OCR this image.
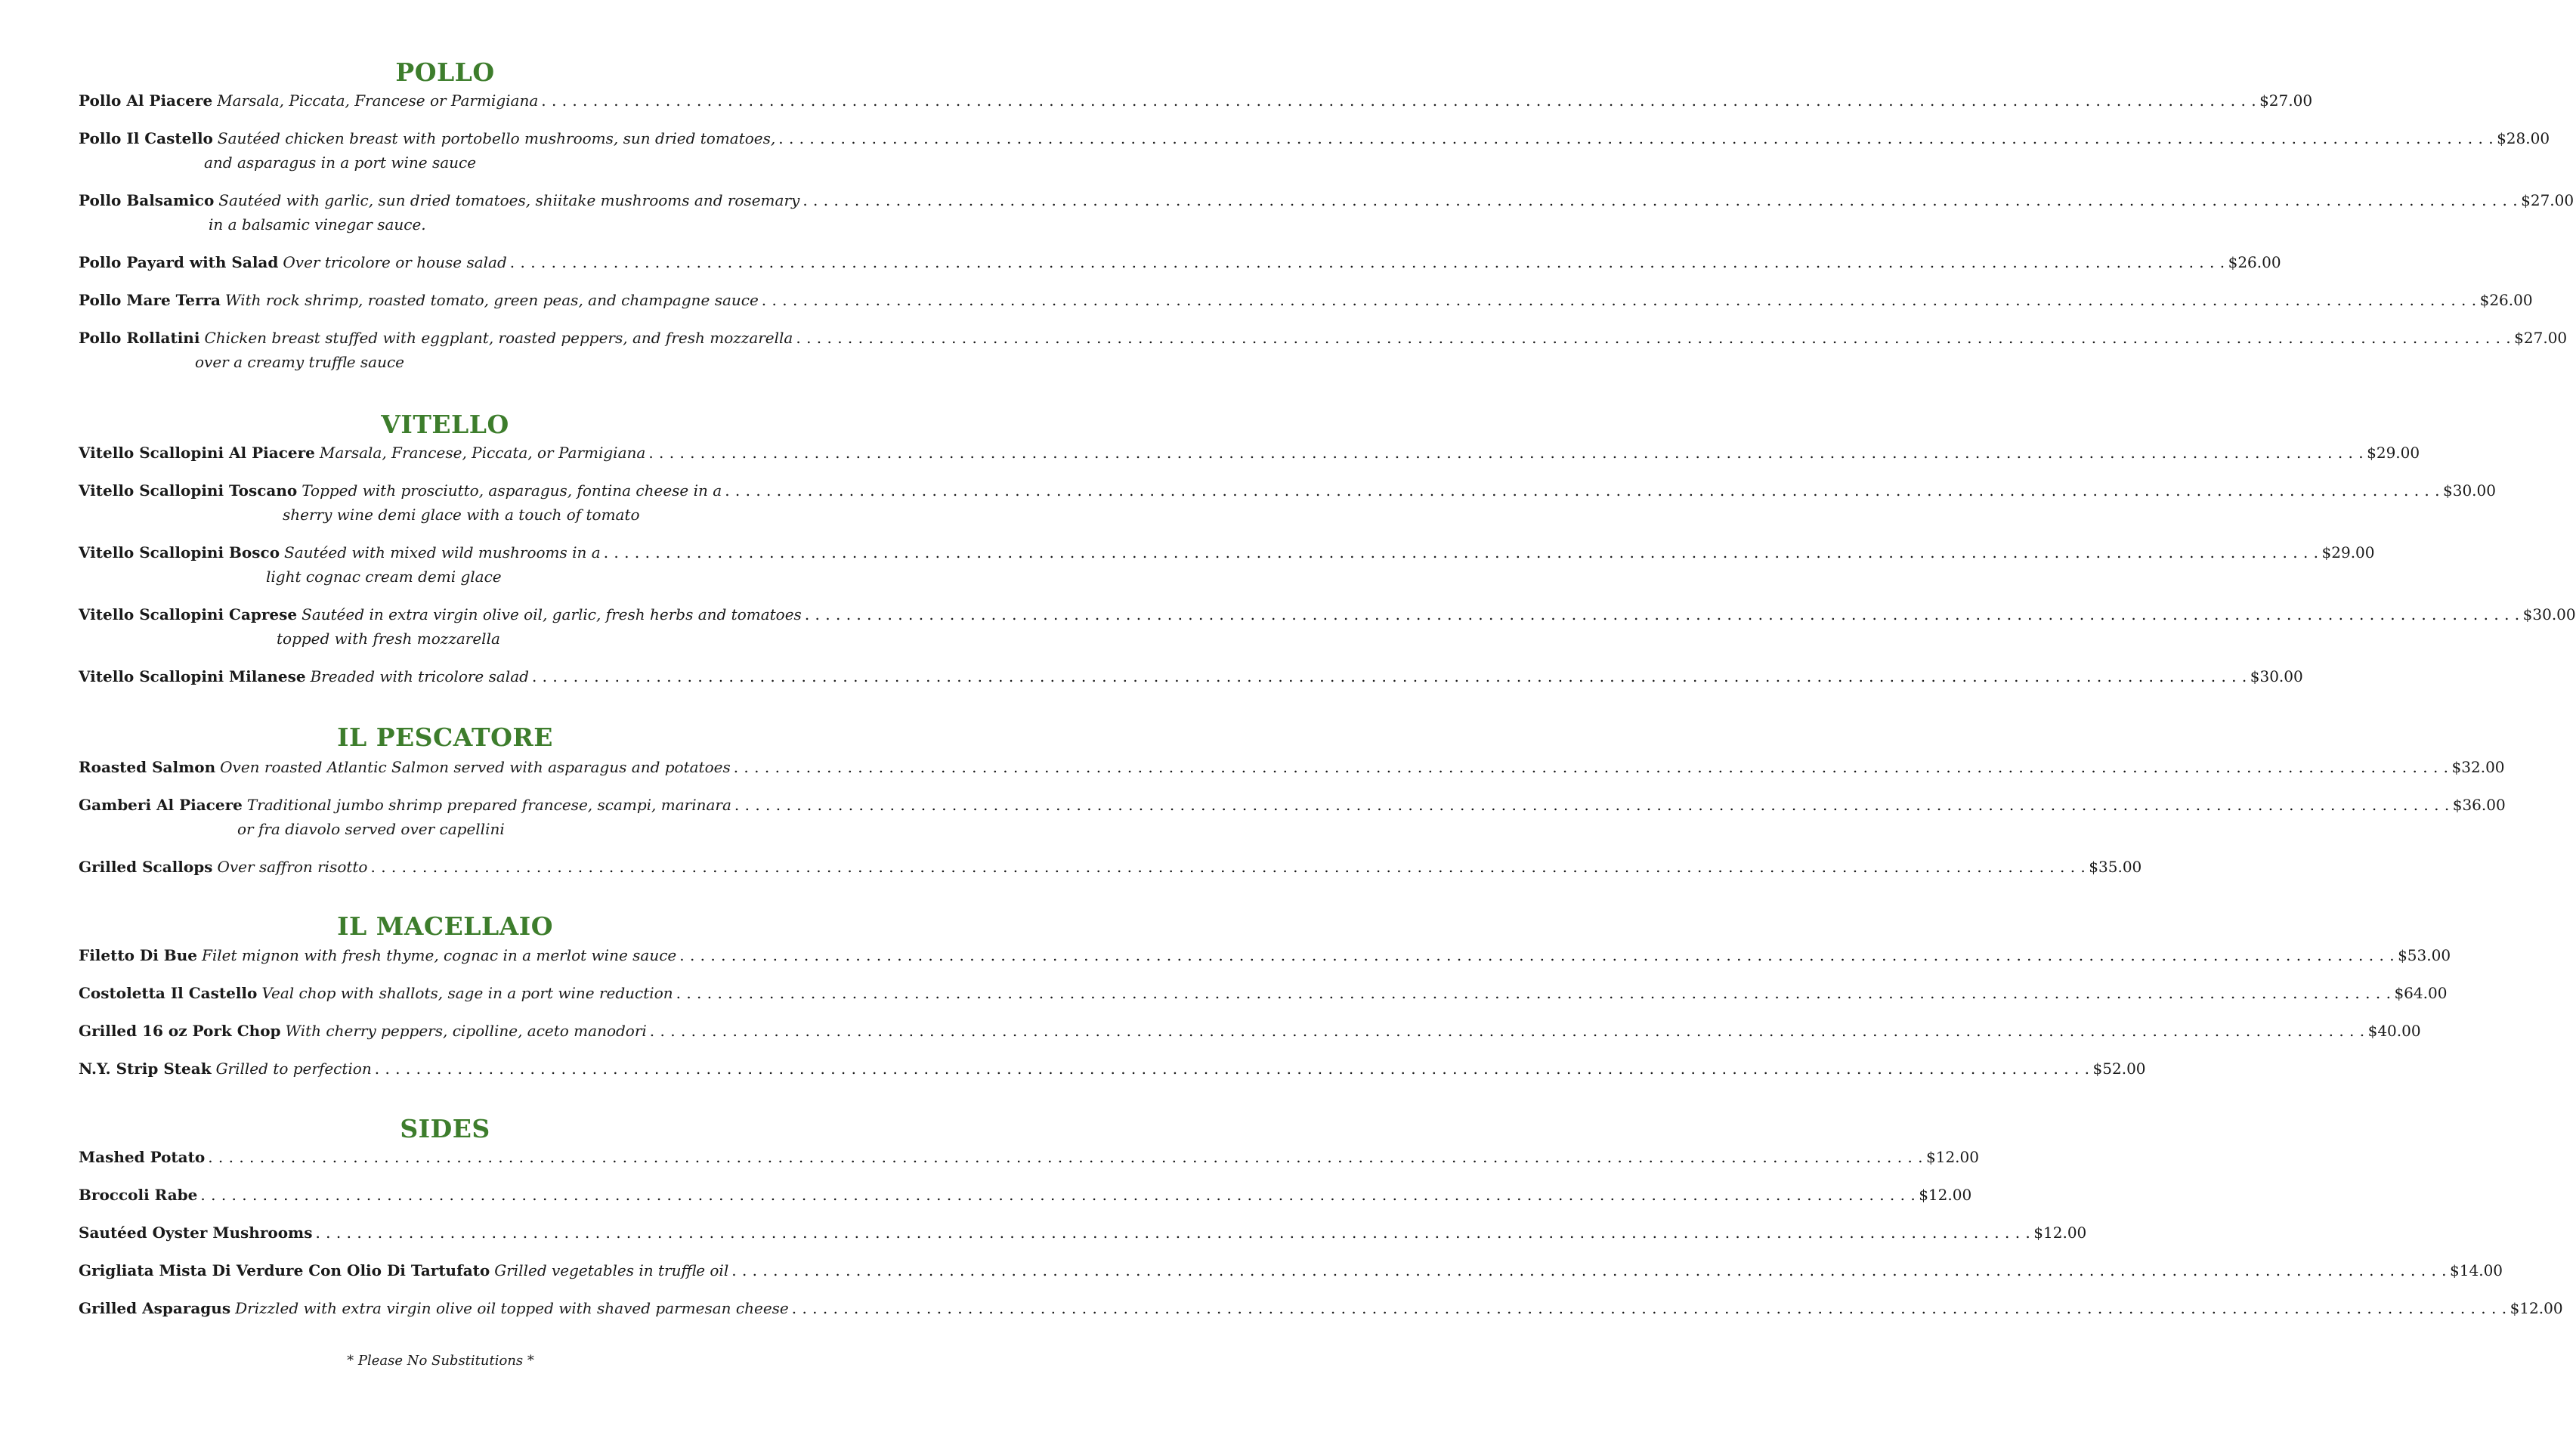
POLLO
Pollo Al Piacere Marsala, Piccata, Francese or Parmigiana . . .	$27.00
Pollo Il Castello Sautéed chicken breast with portobello mushrooms, sun dried tomatoes, . . .	$28.00
and asparagus in a port wine sauce
Pollo Balsamico Sautéed with garlic, sun dried tomatoes, shiitake mushrooms and rosemary . . .	$27.00
in a balsamic vinegar sauce.
Pollo Payard with Salad Over tricolore or house salad . . .	$26.00
Pollo Mare Terra With rock shrimp, roasted tomato, green peas, and champagne sauce . . .	$26.00
Pollo Rollatini Chicken breast stuffed with eggplant, roasted peppers, and fresh mozzarella . . .	$27.00
over a creamy truffle sauce
VITELLO
Vitello Scallopini Al Piacere Marsala, Francese, Piccata, or Parmigiana . . .	$29.00
Vitello Scallopini Toscano Topped with prosciutto, asparagus, fontina cheese in a . . .	$30.00
sherry wine demi glace with a touch of tomato
Vitello Scallopini Bosco Sautéed with mixed wild mushrooms in a . . .	$29.00
light cognac cream demi glace
Vitello Scallopini Caprese Sautéed in extra virgin olive oil, garlic, fresh herbs and tomatoes . . .	$30.00
topped with fresh mozzarella
Vitello Scallopini Milanese Breaded with tricolore salad . . .	$30.00
IL PESCATORE
Roasted Salmon Oven roasted Atlantic Salmon served with asparagus and potatoes . . .	$32.00
Gamberi Al Piacere Traditional jumbo shrimp prepared francese, scampi, marinara . . .	$36.00
or fra diavolo served over capellini
Grilled Scallops Over saffron risotto . . .	$35.00
IL MACELLAIO
Filetto Di Bue Filet mignon with fresh thyme, cognac in a merlot wine sauce . . .	$53.00
Costoletta Il Castello Veal chop with shallots, sage in a port wine reduction . . .	$64.00
Grilled 16 oz Pork Chop With cherry peppers, cipolline, aceto manodori . . .	$40.00
N.Y. Strip Steak Grilled to perfection . . .	$52.00
SIDES
Mashed Potato . . .	$12.00
Broccoli Rabe . . .	$12.00
Sautéed Oyster Mushrooms . . .	$12.00
Grigliata Mista Di Verdure Con Olio Di Tartufato Grilled vegetables in truffle oil . . .	$14.00
Grilled Asparagus Drizzled with extra virgin olive oil topped with shaved parmesan cheese . . .	$12.00
* Please No Substitutions *
